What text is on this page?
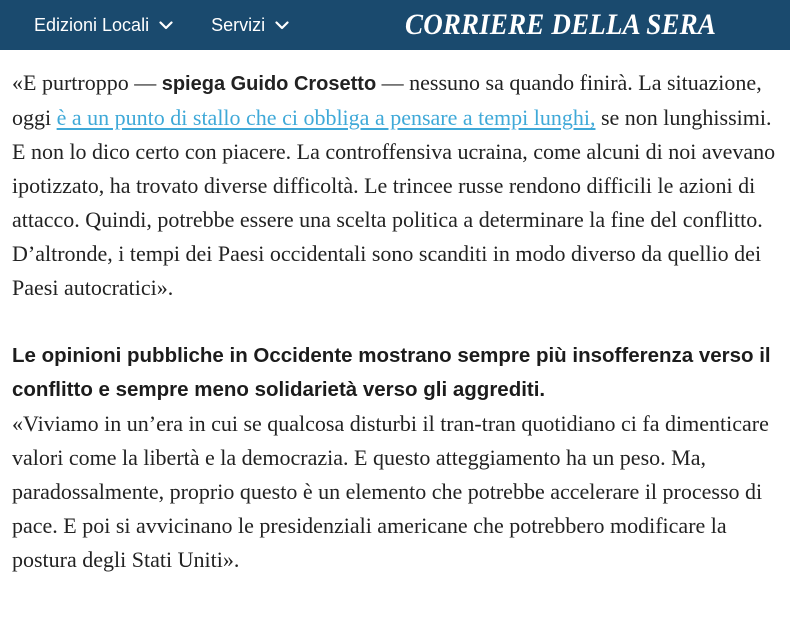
Edizioni Locali	Servizi	CORRIERE DELLA SERA

«E purtroppo — spiega Guido Crosetto — nessuno sa quando finirà. La situazione, oggi è a un punto di stallo che ci obbliga a pensare a tempi lunghi, se non lunghissimi. E non lo dico certo con piacere. La controffensiva ucraina, come alcuni di noi avevano ipotizzato, ha trovato diverse difficoltà. Le trincee russe rendono difficili le azioni di attacco. Quindi, potrebbe essere una scelta politica a determinare la fine del conflitto. D’altronde, i tempi dei Paesi occidentali sono scanditi in modo diverso da quellio dei Paesi autocratici».

Le opinioni pubbliche in Occidente mostrano sempre più insofferenza verso il conflitto e sempre meno solidarietà verso gli aggrediti.

«Viviamo in un’era in cui se qualcosa disturbi il tran-tran quotidiano ci fa dimenticare valori come la libertà e la democrazia. E questo atteggiamento ha un peso. Ma, paradossalmente, proprio questo è un elemento che potrebbe accelerare il processo di pace. E poi si avvicinano le presidenziali americane che potrebbero modificare la postura degli Stati Uniti».
